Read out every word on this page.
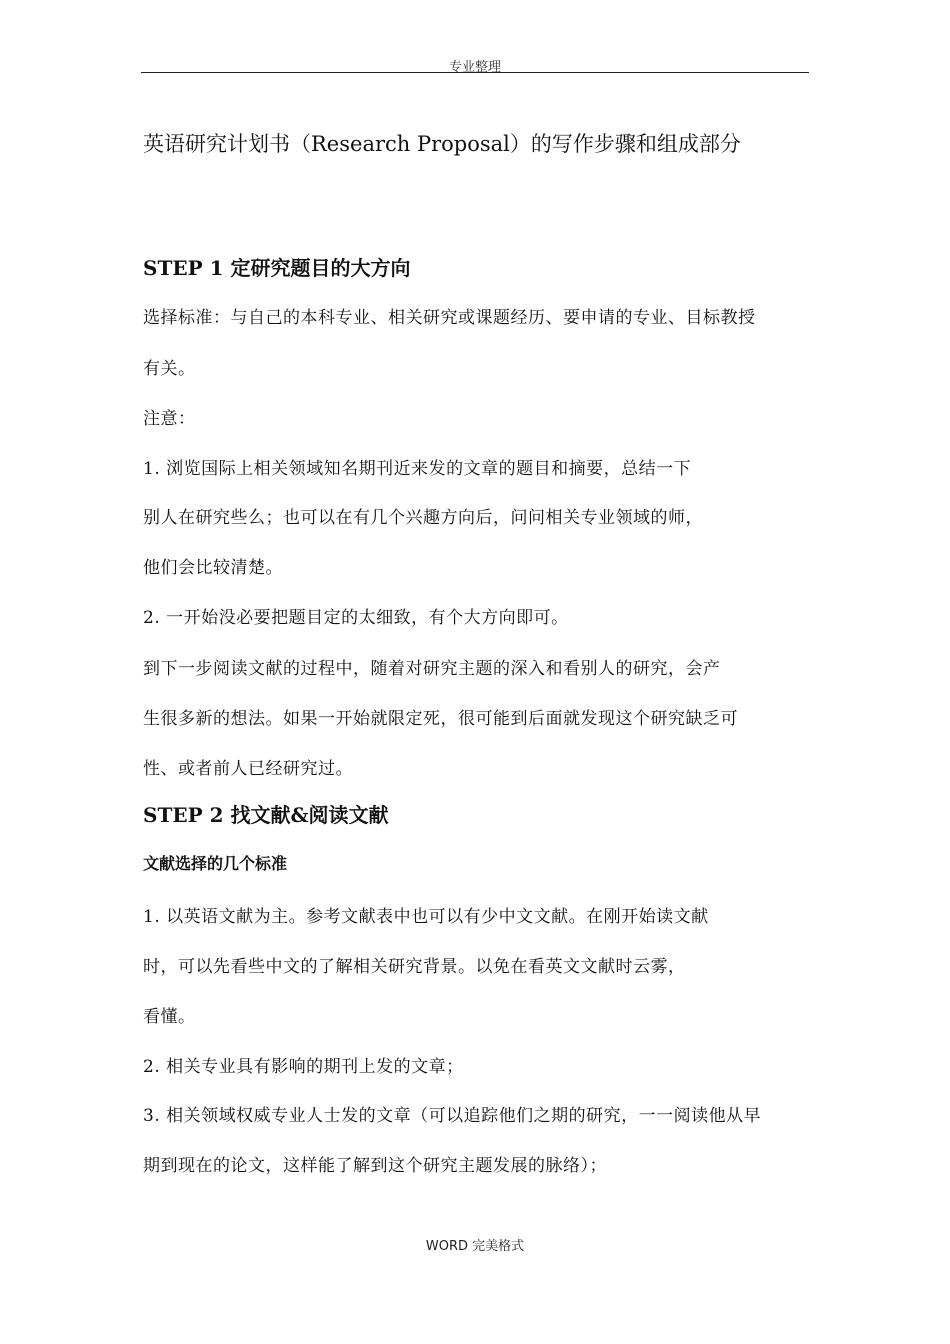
专业整理
英语研究计划书（Research Proposal）的写作步骤和组成部分
STEP 1 定研究题目的大方向
选择标准：与自己的本科专业、相关研究或课题经历、要申请的专业、目标教授
有关。
注意：
1. 浏览国际上相关领域知名期刊近来发的文章的题目和摘要，总结一下
别人在研究些么；也可以在有几个兴趣方向后，问问相关专业领域的师，
他们会比较清楚。
2. 一开始没必要把题目定的太细致，有个大方向即可。
到下一步阅读文献的过程中，随着对研究主题的深入和看别人的研究，会产
生很多新的想法。如果一开始就限定死，很可能到后面就发现这个研究缺乏可
性、或者前人已经研究过。
STEP 2 找文献&阅读文献
文献选择的几个标准
1. 以英语文献为主。参考文献表中也可以有少中文文献。在刚开始读文献
时，可以先看些中文的了解相关研究背景。以免在看英文文献时云雾，
看懂。
2. 相关专业具有影响的期刊上发的文章；
3. 相关领域权威专业人士发的文章（可以追踪他们之期的研究，一一阅读他从早
期到现在的论文，这样能了解到这个研究主题发展的脉络）；
WORD 完美格式
